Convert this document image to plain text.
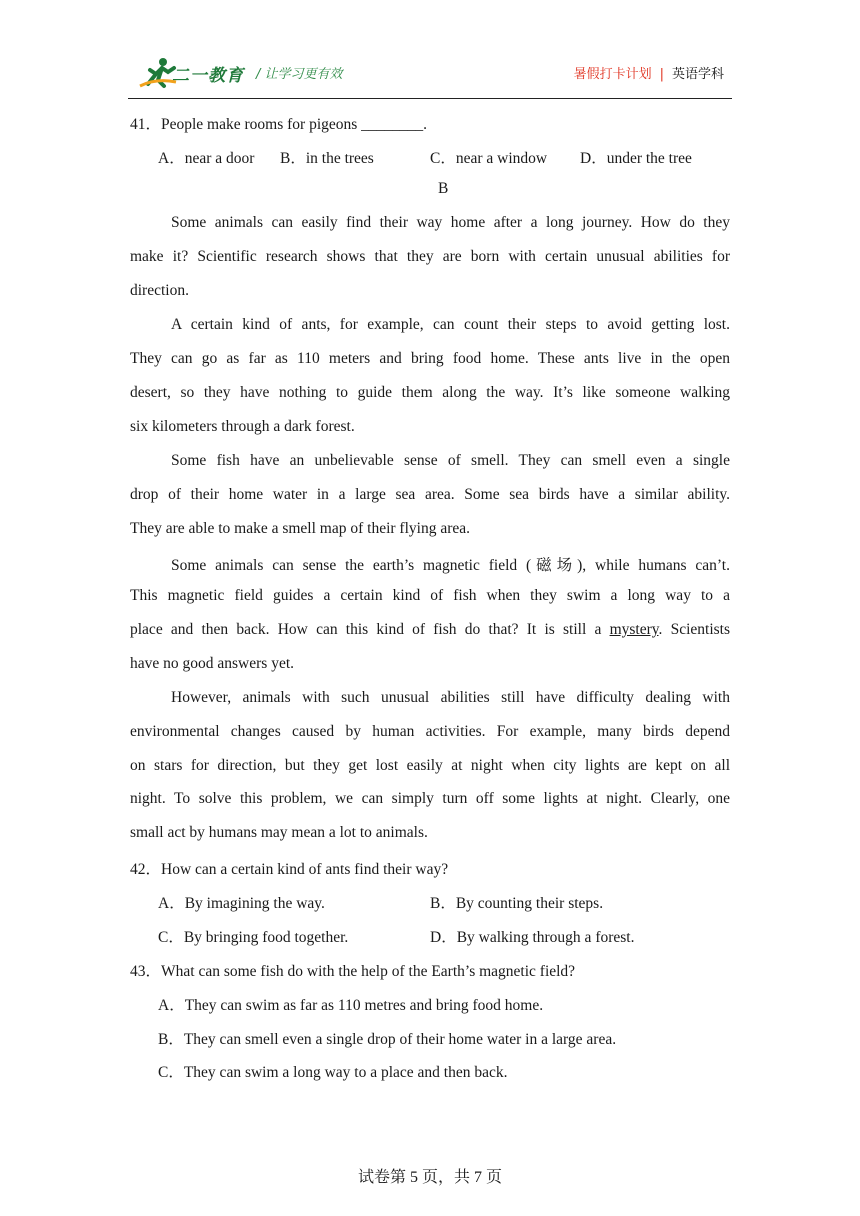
二一教育 / 让学习更有效	暑假打卡计划 | 英语学科
41．People make rooms for pigeons ________.
A．near a door B．in the trees	C．near a window D．under the tree
B
Some animals can easily find their way home after a long journey. How do they
make it? Scientific research shows that they are born with certain unusual abilities for
direction.
A certain kind of ants, for example, can count their steps to avoid getting lost.
They can go as far as 110 meters and bring food home. These ants live in the open
desert, so they have nothing to guide them along the way. It’s like someone walking
six kilometers through a dark forest.
Some fish have an unbelievable sense of smell. They can smell even a single
drop of their home water in a large sea area. Some sea birds have a similar ability.
They are able to make a smell map of their flying area.
Some animals can sense the earth’s magnetic field (磁场), while humans can’t.
This magnetic field guides a certain kind of fish when they swim a long way to a
place and then back. How can this kind of fish do that? It is still a mystery. Scientists
have no good answers yet.
However, animals with such unusual abilities still have difficulty dealing with
environmental changes caused by human activities. For example, many birds depend
on stars for direction, but they get lost easily at night when city lights are kept on all
night. To solve this problem, we can simply turn off some lights at night. Clearly, one
small act by humans may mean a lot to animals.
42．How can a certain kind of ants find their way?
A．By imagining the way.	B．By counting their steps.
C．By bringing food together.	D．By walking through a forest.
43．What can some fish do with the help of the Earth’s magnetic field?
A．They can swim as far as 110 metres and bring food home.
B．They can smell even a single drop of their home water in a large area.
C．They can swim a long way to a place and then back.
试卷第 5 页，共 7 页
